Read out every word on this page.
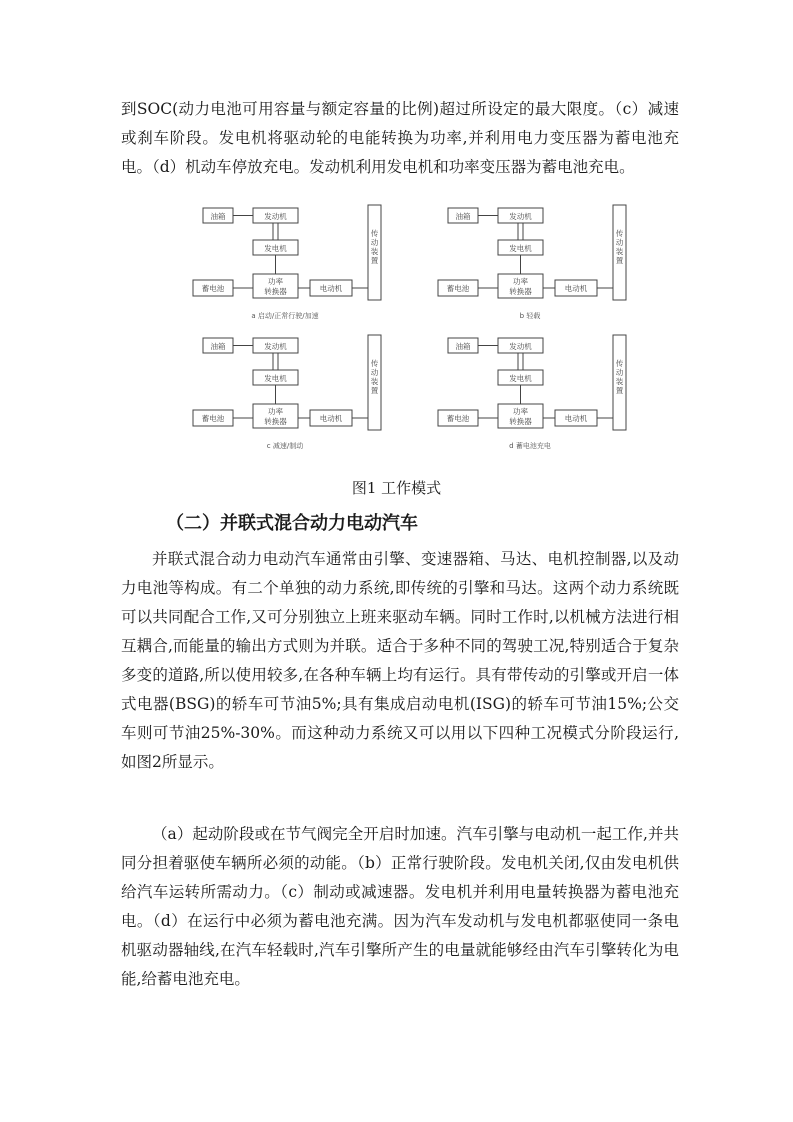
到SOC(动力电池可用容量与额定容量的比例)超过所设定的最大限度。（c）减速或刹车阶段。发电机将驱动轮的电能转换为功率,并利用电力变压器为蓄电池充电。（d）机动车停放充电。发动机利用发电机和功率变压器为蓄电池充电。

油箱	发动机
发电机
蓄电池
功率
转换器	电动机
传动装置
a 启动/正常行驶/加速
油箱	发动机
发电机
蓄电池
功率
转换器	电动机
传动装置
b 轻载
油箱	发动机
发电机
蓄电池
功率
转换器	电动机
传动装置
c 减速/制动
油箱	发动机
发电机
蓄电池
功率
转换器	电动机
传动装置
d 蓄电池充电
图1 工作模式
（二）并联式混合动力电动汽车

并联式混合动力电动汽车通常由引擎、变速器箱、马达、电机控制器,以及动力电池等构成。有二个单独的动力系统,即传统的引擎和马达。这两个动力系统既可以共同配合工作,又可分别独立上班来驱动车辆。同时工作时,以机械方法进行相互耦合,而能量的输出方式则为并联。适合于多种不同的驾驶工况,特别适合于复杂多变的道路,所以使用较多,在各种车辆上均有运行。具有带传动的引擎或开启一体式电器(BSG)的轿车可节油5%;具有集成启动电机(ISG)的轿车可节油15%;公交车则可节油25%-30%。而这种动力系统又可以用以下四种工况模式分阶段运行,如图2所显示。

（a）起动阶段或在节气阀完全开启时加速。汽车引擎与电动机一起工作,并共同分担着驱使车辆所必须的动能。（b）正常行驶阶段。发电机关闭,仅由发电机供给汽车运转所需动力。（c）制动或减速器。发电机并利用电量转换器为蓄电池充电。（d）在运行中必须为蓄电池充满。因为汽车发动机与发电机都驱使同一条电机驱动器轴线,在汽车轻载时,汽车引擎所产生的电量就能够经由汽车引擎转化为电能,给蓄电池充电。
